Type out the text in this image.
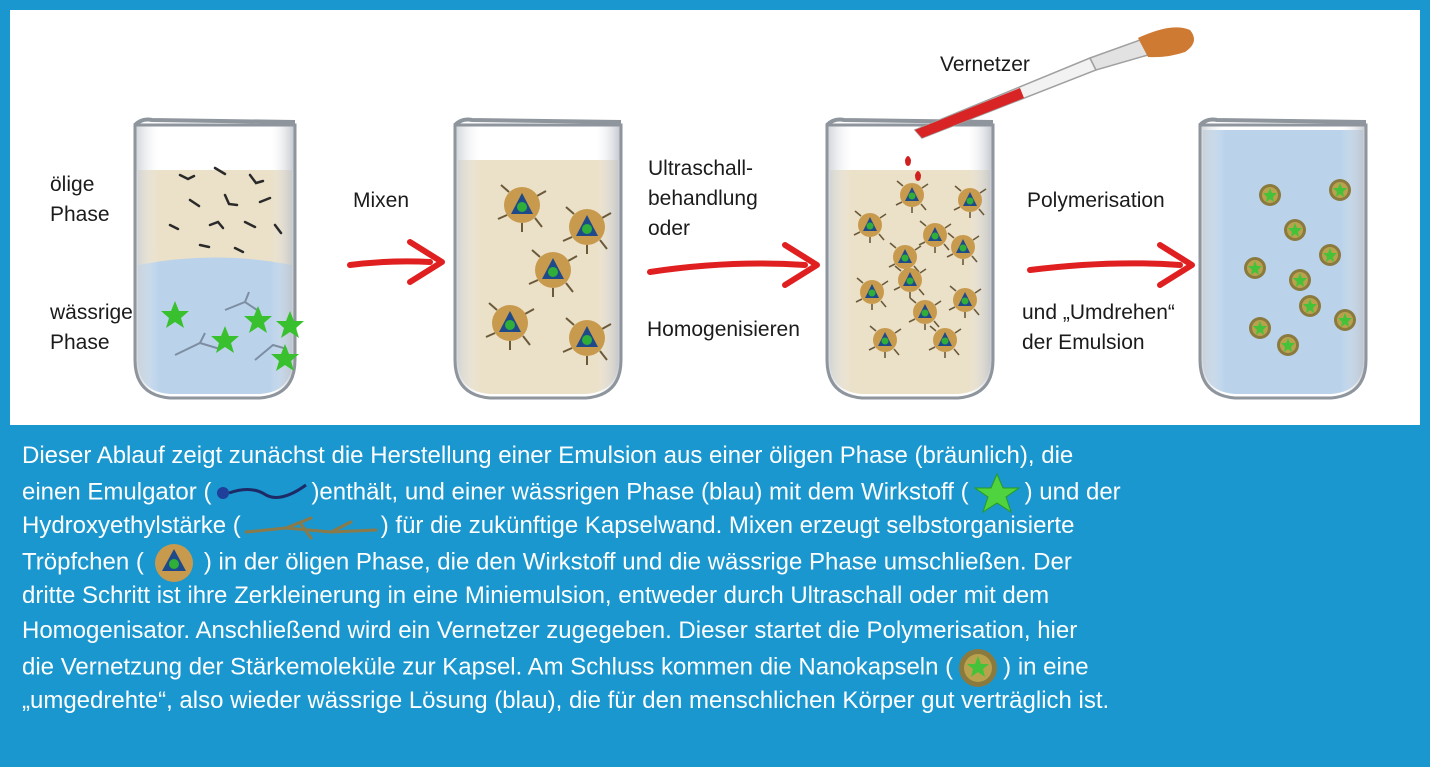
ölige
Phase
wässrige
Phase
Mixen
Ultraschall-
behandlung
oder
Homogenisieren
Vernetzer
Polymerisation
und „Umdrehen“
der Emulsion
Dieser Ablauf zeigt zunächst die Herstellung einer Emulsion aus einer öligen Phase (bräunlich), die
einen Emulgator (	)enthält, und einer wässrigen Phase (blau) mit dem Wirkstoff ( ) und der
Hydroxyethylstärke (	) für die zukünftige Kapselwand. Mixen erzeugt selbstorganisierte
Tröpfchen (	) in der öligen Phase, die den Wirkstoff und die wässrige Phase umschließen. Der
dritte Schritt ist ihre Zerkleinerung in eine Miniemulsion, entweder durch Ultraschall oder mit dem
Homogenisator. Anschließend wird ein Vernetzer zugegeben. Dieser startet die Polymerisation, hier
die Vernetzung der Stärkemoleküle zur Kapsel. Am Schluss kommen die Nanokapseln ( ) in eine
„umgedrehte“, also wieder wässrige Lösung (blau), die für den menschlichen Körper gut verträglich ist.
